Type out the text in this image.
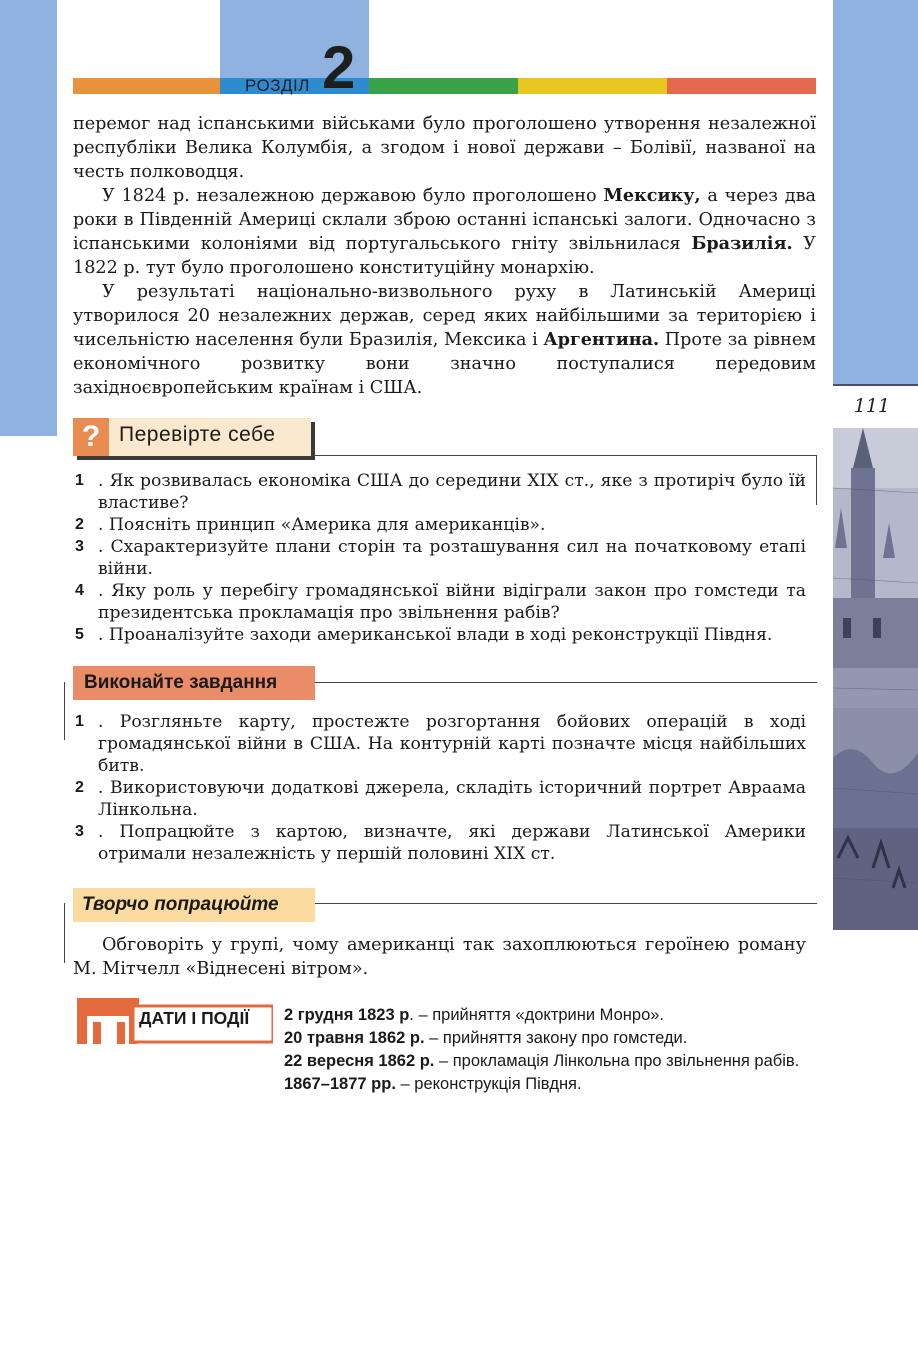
111
РОЗДІЛ 2

перемог над іспанськими військами було проголошено утворення незалежної республіки Велика Колумбія, а згодом і нової держави – Болівії, названої на честь полководця.

У 1824 р. незалежною державою було проголошено Мексику, а через два роки в Південній Америці склали зброю останні іспанські залоги. Одночасно з іспанськими колоніями від португальського гніту звільнилася Бразилія. У 1822 р. тут було проголошено конституційну монархію.

У результаті національно-визвольного руху в Латинській Америці утворилося 20 незалежних держав, серед яких найбільшими за територією і чисельністю населення були Бразилія, Мексика і Аргентина. Проте за рівнем економічного розвитку вони значно поступалися передовим західноєвропейським країнам і США.

? Перевірте себе
1 . Як розвивалась економіка США до середини XIX ст., яке з протиріч було їй властиве?
2 . Поясніть принцип «Америка для американців».
3 . Схарактеризуйте плани сторін та розташування сил на початковому етапі війни.
4 . Яку роль у перебігу громадянської війни відіграли закон про гомстеди та президентська прокламація про звільнення рабів?
5 . Проаналізуйте заходи американської влади в ході реконструкції Півдня.
Виконайте завдання
1 . Розгляньте карту, простежте розгортання бойових операцій в ході громадянської війни в США. На контурній карті позначте місця найбільших битв.
2 . Використовуючи додаткові джерела, складіть історичний портрет Авраама Лінкольна.
3 . Попрацюйте з картою, визначте, які держави Латинської Америки отримали незалежність у першій половині XIX ст.
Творчо попрацюйте

Обговоріть у групі, чому американці так захоплюються героїнею роману М. Мітчелл «Віднесені вітром».

ДАТИ І ПОДІЇ 2 грудня 1823 р. – прийняття «доктрини Монро».
20 травня 1862 р. – прийняття закону про гомстеди.
22 вересня 1862 р. – прокламація Лінкольна про звільнення рабів.
1867–1877 рр. – реконструкція Півдня.
